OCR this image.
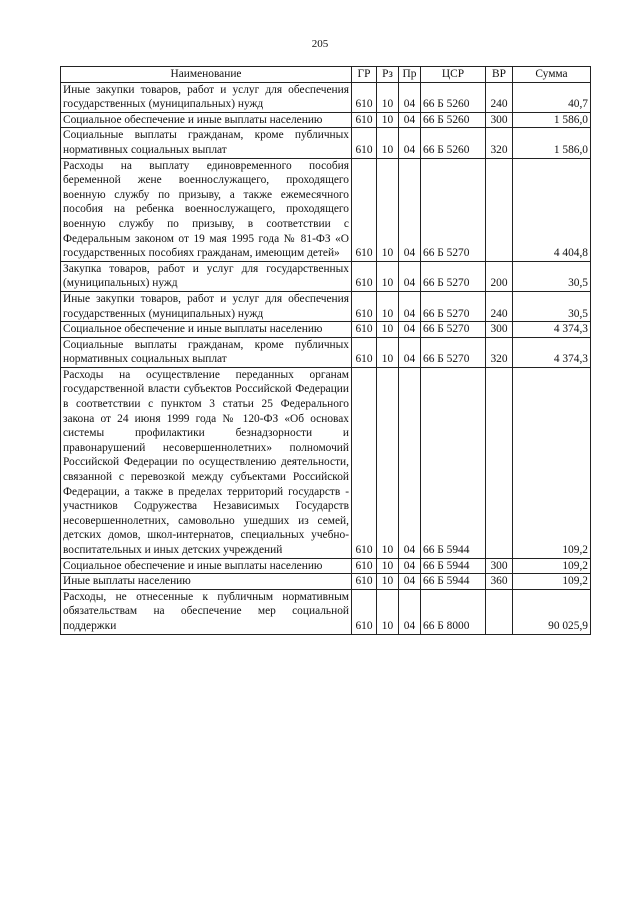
205
Наименование	ГР	Рз	Пр	ЦСР	ВР	Сумма
Иные закупки товаров, работ и услуг для обеспечения государственных (муниципальных) нужд	610	10	04	66 Б 5260	240	40,7
Социальное обеспечение и иные выплаты населению	610	10	04	66 Б 5260	300	1 586,0
Социальные выплаты гражданам, кроме публичных нормативных социальных выплат	610	10	04	66 Б 5260	320	1 586,0
Расходы на выплату единовременного пособия беременной жене военнослужащего, проходящего военную службу по призыву, а также ежемесячного пособия на ребенка военнослужащего, проходящего военную службу по призыву, в соответствии с Федеральным законом от 19 мая 1995 года № 81-ФЗ «О государственных пособиях гражданам, имеющим детей»	610	10	04	66 Б 5270		4 404,8
Закупка товаров, работ и услуг для государственных (муниципальных) нужд	610	10	04	66 Б 5270	200	30,5
Иные закупки товаров, работ и услуг для обеспечения государственных (муниципальных) нужд	610	10	04	66 Б 5270	240	30,5
Социальное обеспечение и иные выплаты населению	610	10	04	66 Б 5270	300	4 374,3
Социальные выплаты гражданам, кроме публичных нормативных социальных выплат	610	10	04	66 Б 5270	320	4 374,3
Расходы на осуществление переданных органам государственной власти субъектов Российской Федерации в соответствии с пунктом 3 статьи 25 Федерального закона от 24 июня 1999 года № 120-ФЗ «Об основах системы профилактики безнадзорности и правонарушений несовершеннолетних» полномочий Российской Федерации по осуществлению деятельности, связанной с перевозкой между субъектами Российской Федерации, а также в пределах территорий государств - участников Содружества Независимых Государств несовершеннолетних, самовольно ушедших из семей, детских домов, школ-интернатов, специальных учебно-воспитательных и иных детских учреждений	610	10	04	66 Б 5944		109,2
Социальное обеспечение и иные выплаты населению	610	10	04	66 Б 5944	300	109,2
Иные выплаты населению	610	10	04	66 Б 5944	360	109,2
Расходы, не отнесенные к публичным нормативным обязательствам на обеспечение мер социальной поддержки	610	10	04	66 Б 8000		90 025,9
